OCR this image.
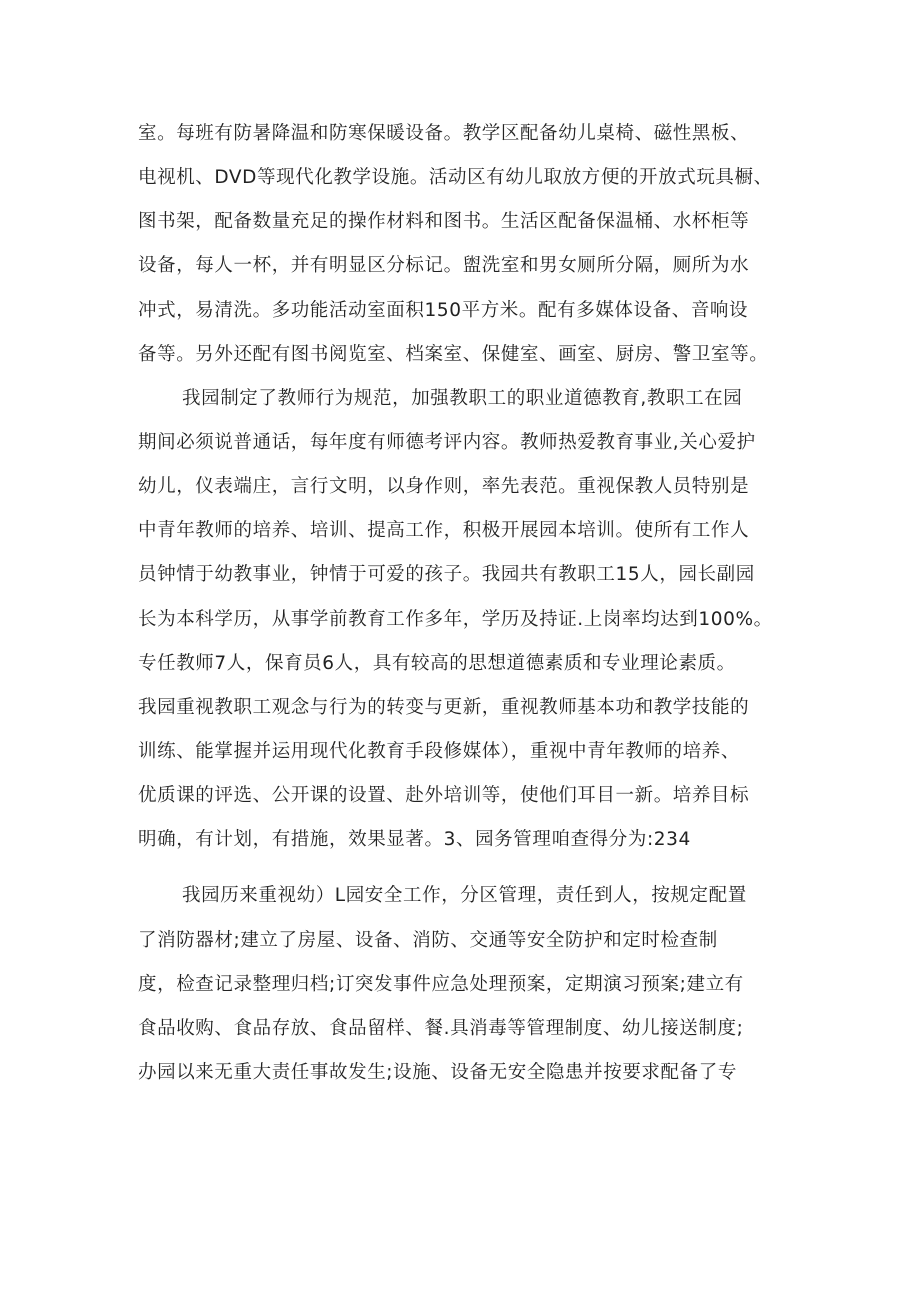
室。每班有防暑降温和防寒保暖设备。教学区配备幼儿桌椅、磁性黑板、
电视机、DVD等现代化教学设施。活动区有幼儿取放方便的开放式玩具橱、
图书架，配备数量充足的操作材料和图书。生活区配备保温桶、水杯柜等
设备，每人一杯，并有明显区分标记。盥洗室和男女厕所分隔，厕所为水
冲式，易清洗。多功能活动室面积150平方米。配有多媒体设备、音响设
备等。另外还配有图书阅览室、档案室、保健室、画室、厨房、警卫室等。
我园制定了教师行为规范，加强教职工的职业道德教育,教职工在园
期间必须说普通话，每年度有师德考评内容。教师热爱教育事业,关心爱护
幼儿，仪表端庄，言行文明，以身作则，率先表范。重视保教人员特别是
中青年教师的培养、培训、提高工作，积极开展园本培训。使所有工作人
员钟情于幼教事业，钟情于可爱的孩子。我园共有教职工15人，园长副园
长为本科学历，从事学前教育工作多年，学历及持证.上岗率均达到100%。
专任教师7人，保育员6人，具有较高的思想道德素质和专业理论素质。
我园重视教职工观念与行为的转变与更新，重视教师基本功和教学技能的
训练、能掌握并运用现代化教育手段修媒体），重视中青年教师的培养、
优质课的评选、公开课的设置、赴外培训等，使他们耳目一新。培养目标
明确，有计划，有措施，效果显著。3、园务管理咱查得分为:234
我园历来重视幼）L园安全工作，分区管理，责任到人，按规定配置
了消防器材;建立了房屋、设备、消防、交通等安全防护和定时检查制
度，检查记录整理归档;订突发事件应急处理预案，定期演习预案;建立有
食品收购、食品存放、食品留样、餐.具消毒等管理制度、幼儿接送制度;
办园以来无重大责任事故发生;设施、设备无安全隐患并按要求配备了专
